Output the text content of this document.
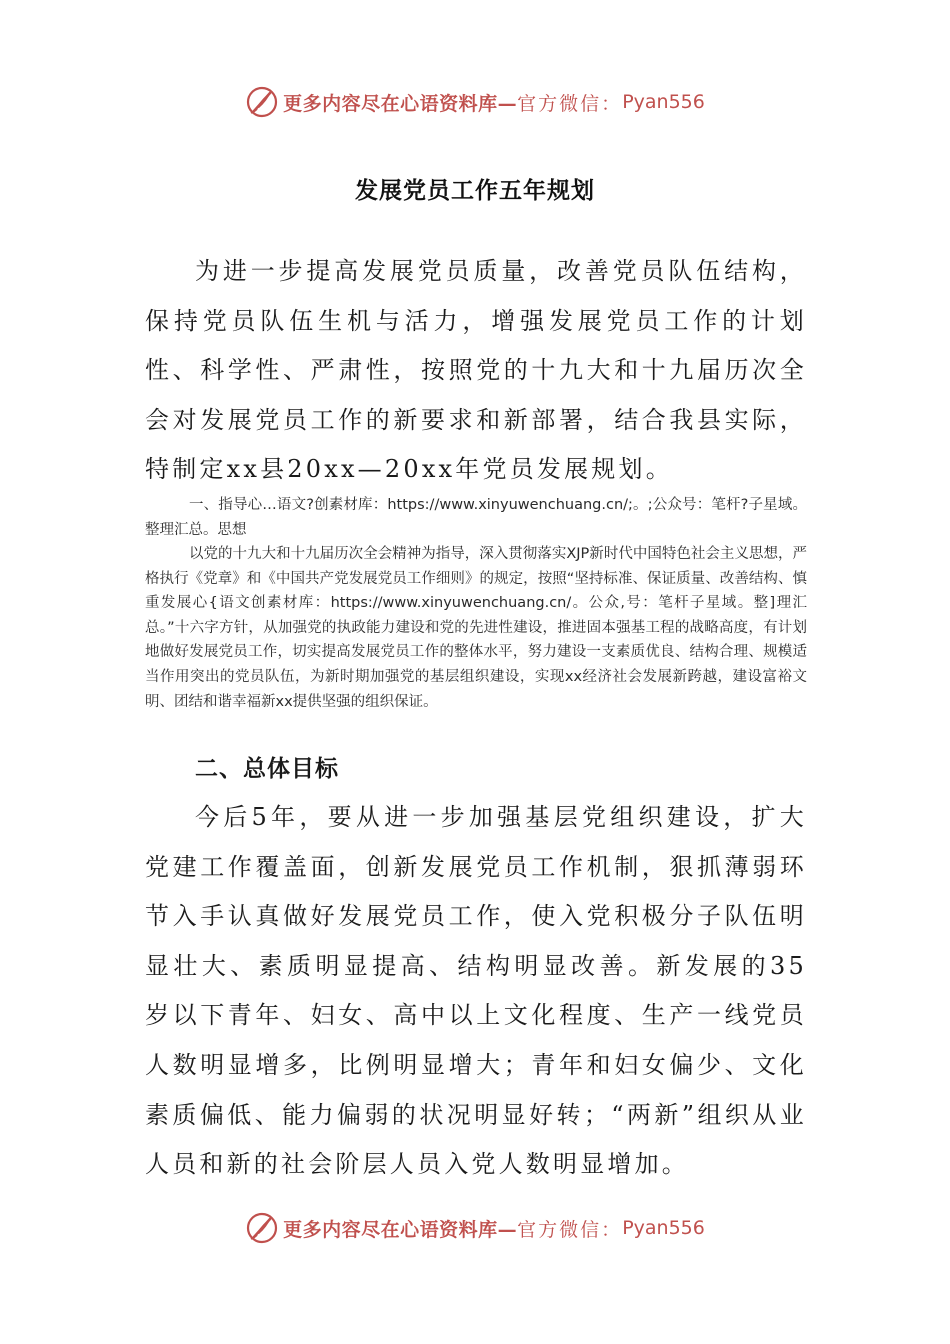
更多内容尽在心语资料库— 官方微信： Pyan556
发展党员工作五年规划

为进一步提高发展党员质量，改善党员队伍结构，保持党员队伍生机与活力，增强发展党员工作的计划性、科学性、严肃性，按照党的十九大和十九届历次全会对发展党员工作的新要求和新部署，结合我县实际，特制定xx县20xx—20xx年党员发展规划。

一、指导心…语文?创素材库：https://www.xinyuwenchuang.cn/;。;公众号：笔杆?子星域。整理汇总。思想

以党的十九大和十九届历次全会精神为指导，深入贯彻落实XJP新时代中国特色社会主义思想，严格执行《党章》和《中国共产党发展党员工作细则》的规定，按照“坚持标准、保证质量、改善结构、慎重发展心{语文创素材库：https://www.xinyuwenchuang.cn/。公众,号：笔杆子星域。整]理汇总。”十六字方针，从加强党的执政能力建设和党的先进性建设，推进固本强基工程的战略高度，有计划地做好发展党员工作，切实提高发展党员工作的整体水平，努力建设一支素质优良、结构合理、规模适当作用突出的党员队伍，为新时期加强党的基层组织建设，实现xx经济社会发展新跨越，建设富裕文明、团结和谐幸福新xx提供坚强的组织保证。

二、总体目标

今后5年，要从进一步加强基层党组织建设，扩大党建工作覆盖面，创新发展党员工作机制，狠抓薄弱环节入手认真做好发展党员工作，使入党积极分子队伍明显壮大、素质明显提高、结构明显改善。新发展的35岁以下青年、妇女、高中以上文化程度、生产一线党员人数明显增多，比例明显增大；青年和妇女偏少、文化素质偏低、能力偏弱的状况明显好转；“两新”组织从业人员和新的社会阶层人员入党人数明显增加。

更多内容尽在心语资料库— 官方微信： Pyan556
